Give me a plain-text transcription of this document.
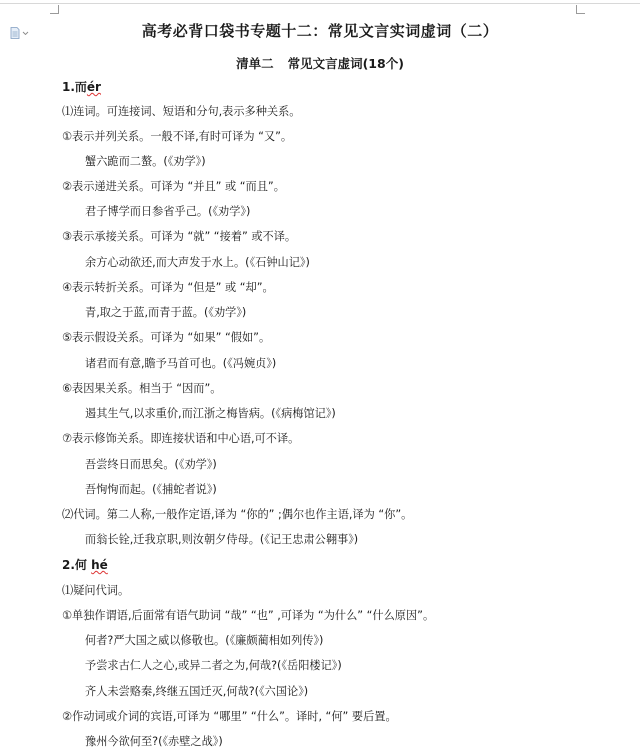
高考必背口袋书专题十二：常见文言实词虚词（二）
清单二 常见文言虚词(18个)
1.而ér
⑴连词。可连接词、短语和分句,表示多种关系。
①表示并列关系。一般不译,有时可译为 “又”。
蟹六跪而二螯。(《劝学》)
②表示递进关系。可译为 “并且” 或 “而且”。
君子博学而日参省乎己。(《劝学》)
③表示承接关系。可译为 “就” “接着” 或不译。
余方心动欲还,而大声发于水上。(《石钟山记》)
④表示转折关系。可译为 “但是” 或 “却”。
青,取之于蓝,而青于蓝。(《劝学》)
⑤表示假设关系。可译为 “如果” “假如”。
诸君而有意,瞻予马首可也。(《冯婉贞》)
⑥表因果关系。相当于 “因而”。
遏其生气,以求重价,而江浙之梅皆病。(《病梅馆记》)
⑦表示修饰关系。即连接状语和中心语,可不译。
吾尝终日而思矣。(《劝学》)
吾恂恂而起。(《捕蛇者说》)
⑵代词。第二人称,一般作定语,译为 “你的” ;偶尔也作主语,译为 “你”。
而翁长铨,迁我京职,则汝朝夕侍母。(《记王忠肃公翱事》)
2.何 hé
⑴疑问代词。
①单独作谓语,后面常有语气助词 “哉” “也” ,可译为 “为什么” “什么原因”。
何者?严大国之威以修敬也。(《廉颇蔺相如列传》)
予尝求古仁人之心,或异二者之为,何哉?(《岳阳楼记》)
齐人未尝赂秦,终继五国迁灭,何哉?(《六国论》)
②作动词或介词的宾语,可译为 “哪里” “什么”。译时, “何” 要后置。
豫州今欲何至?(《赤壁之战》)
